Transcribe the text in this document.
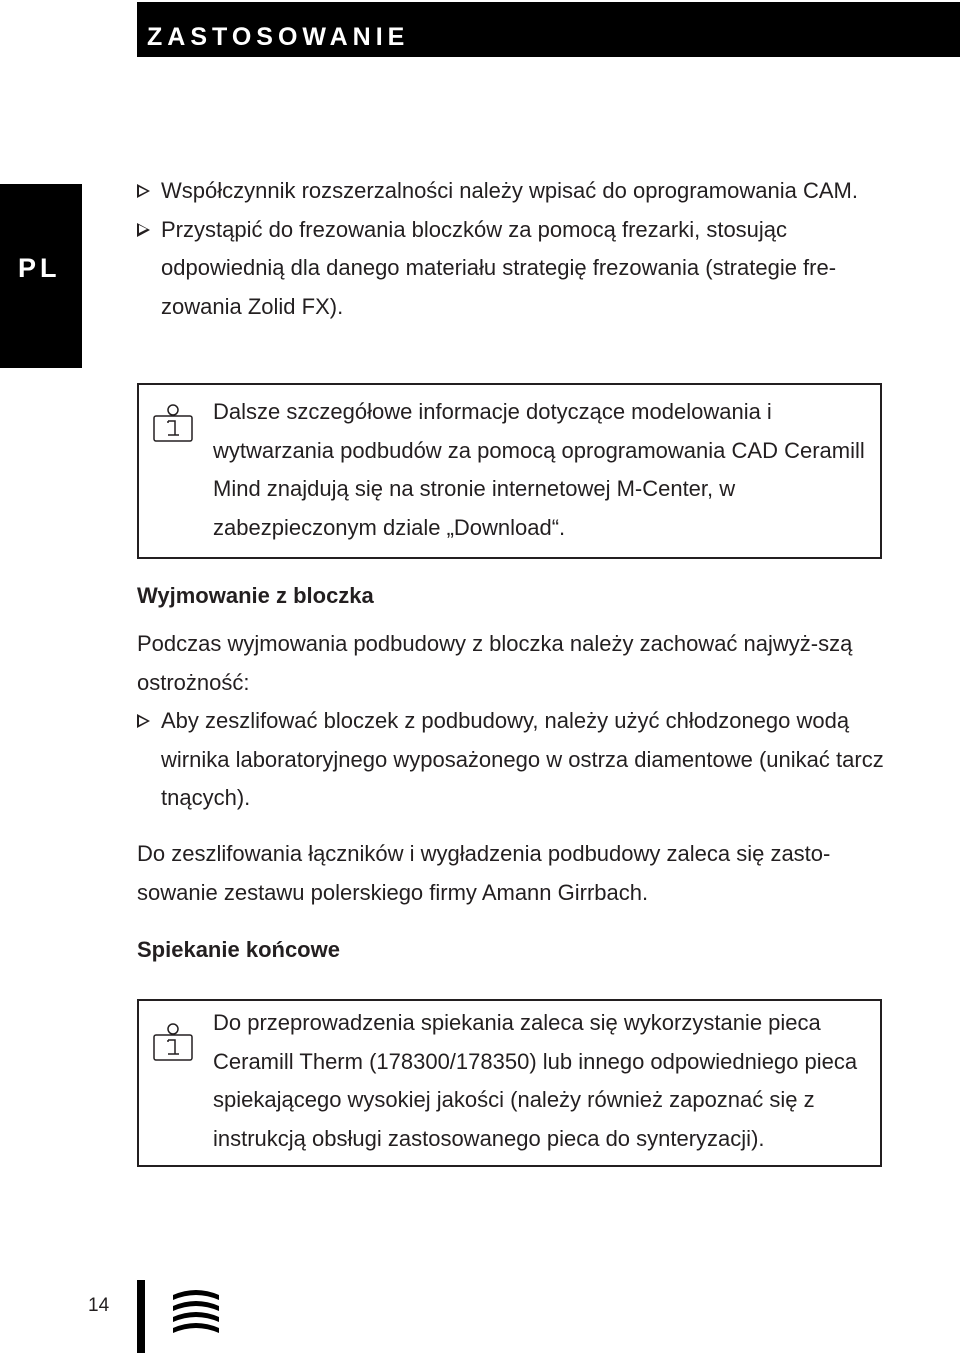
ZASTOSOWANIE
PL
Współczynnik rozszerzalności należy wpisać do oprogramowania CAM.
Przystąpić do frezowania bloczków za pomocą frezarki, stosując odpowiednią dla danego materiału strategię frezowania (strategie fre-zowania Zolid FX).

Dalsze szczegółowe informacje dotyczące modelowania i wytwarzania podbudów za pomocą oprogramowania CAD Ceramill Mind znajdują się na stronie internetowej M-Center, w zabezpieczonym dziale „Download“.

Wyjmowanie z bloczka

Podczas wyjmowania podbudowy z bloczka należy zachować najwyż-szą ostrożność:

Aby zeszlifować bloczek z podbudowy, należy użyć chłodzonego wodą wirnika laboratoryjnego wyposażonego w ostrza diamentowe (unikać tarcz tnących).

Do zeszlifowania łączników i wygładzenia podbudowy zaleca się zasto-sowanie zestawu polerskiego firmy Amann Girrbach.

Spiekanie końcowe

Do przeprowadzenia spiekania zaleca się wykorzystanie pieca Ceramill Therm (178300/178350) lub innego odpowiedniego pieca spiekającego wysokiej jakości (należy również zapoznać się z instrukcją obsługi zastosowanego pieca do synteryzacji).

14
